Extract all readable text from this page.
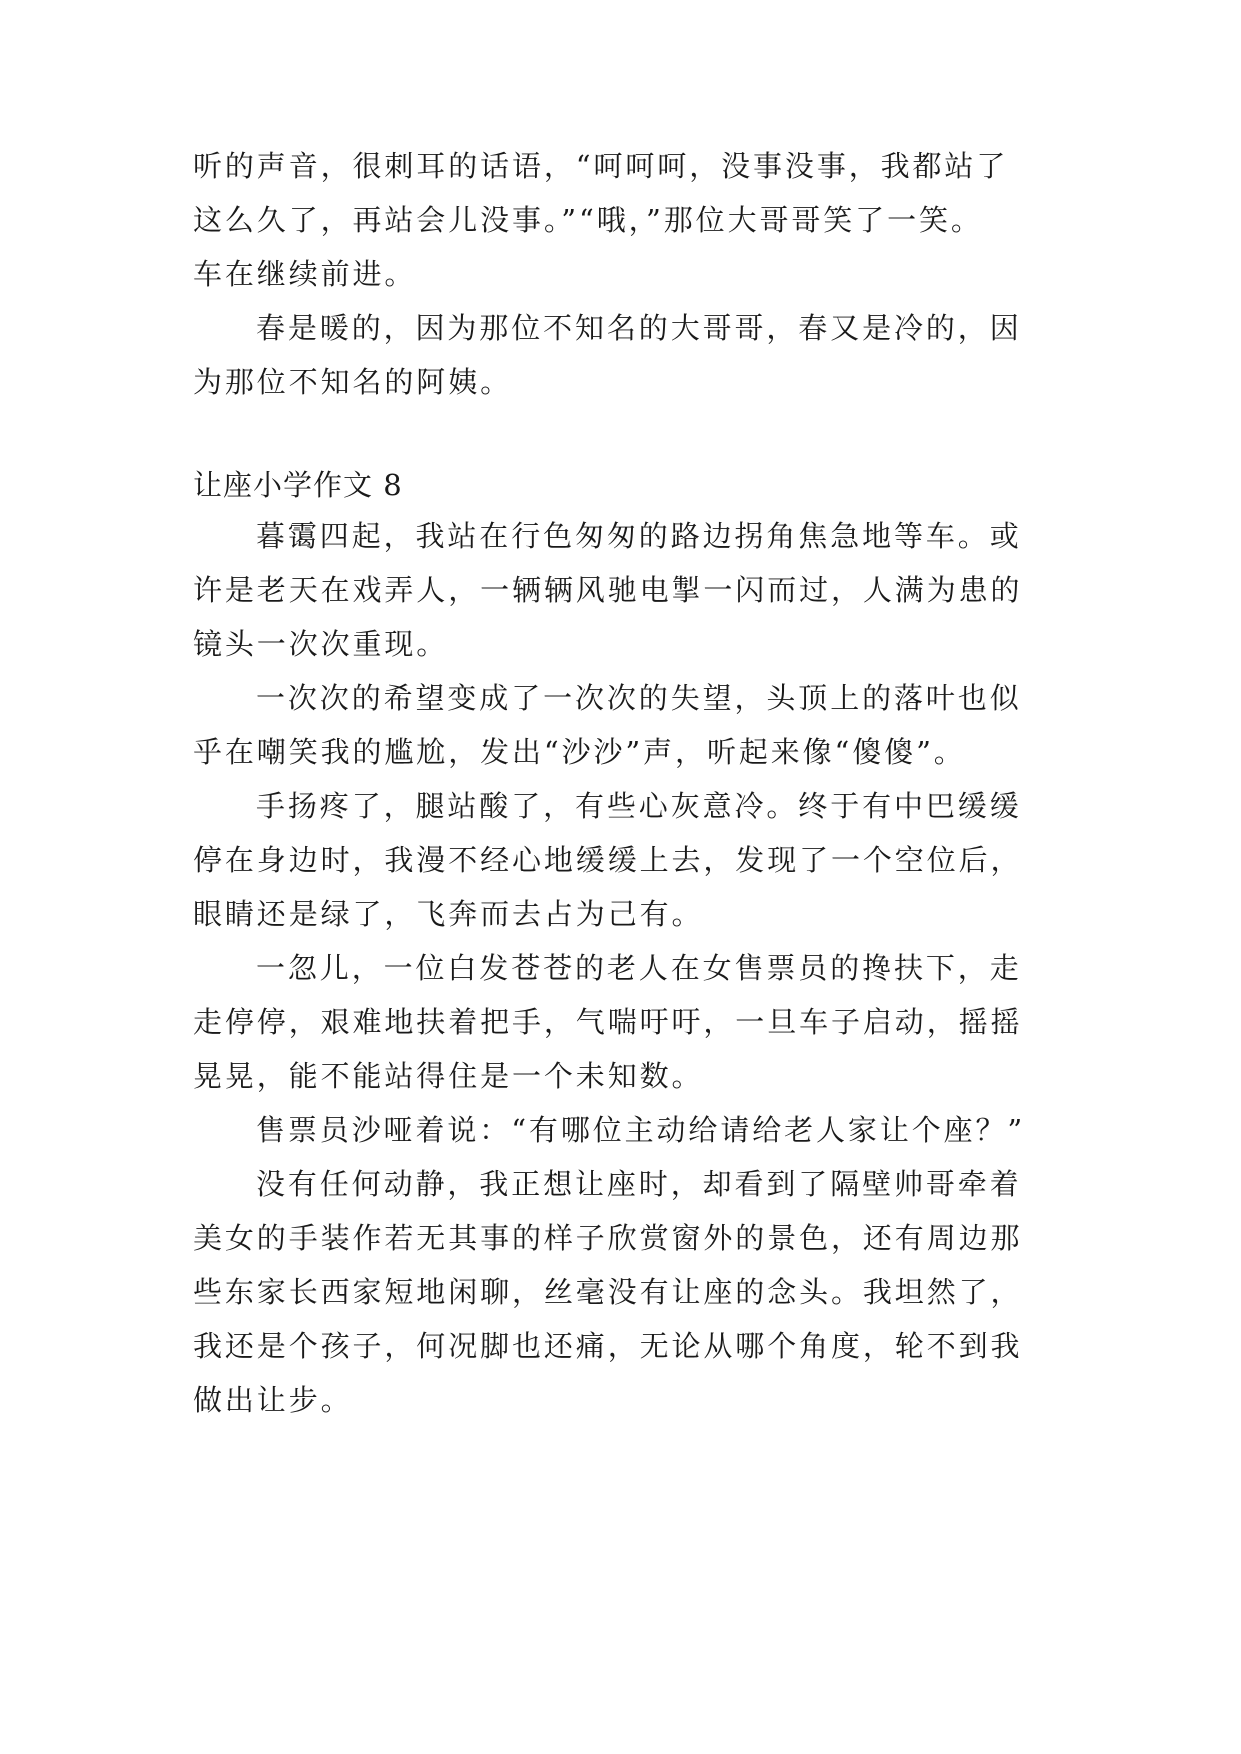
听的声音，很刺耳的话语，“呵呵呵，没事没事，我都站了
这么久了，再站会儿没事。”“哦，”那位大哥哥笑了一笑。
车在继续前进。
春是暖的，因为那位不知名的大哥哥，春又是冷的，因
为那位不知名的阿姨。
让座小学作文 8
暮霭四起，我站在行色匆匆的路边拐角焦急地等车。或
许是老天在戏弄人，一辆辆风驰电掣一闪而过，人满为患的
镜头一次次重现。
一次次的希望变成了一次次的失望，头顶上的落叶也似
乎在嘲笑我的尴尬，发出“沙沙”声，听起来像“傻傻”。
手扬疼了，腿站酸了，有些心灰意冷。终于有中巴缓缓
停在身边时，我漫不经心地缓缓上去，发现了一个空位后，
眼睛还是绿了，飞奔而去占为己有。
一忽儿，一位白发苍苍的老人在女售票员的搀扶下，走
走停停，艰难地扶着把手，气喘吁吁，一旦车子启动，摇摇
晃晃，能不能站得住是一个未知数。
售票员沙哑着说：“有哪位主动给请给老人家让个座？”
没有任何动静，我正想让座时，却看到了隔壁帅哥牵着
美女的手装作若无其事的样子欣赏窗外的景色，还有周边那
些东家长西家短地闲聊，丝毫没有让座的念头。我坦然了，
我还是个孩子，何况脚也还痛，无论从哪个角度，轮不到我
做出让步。
